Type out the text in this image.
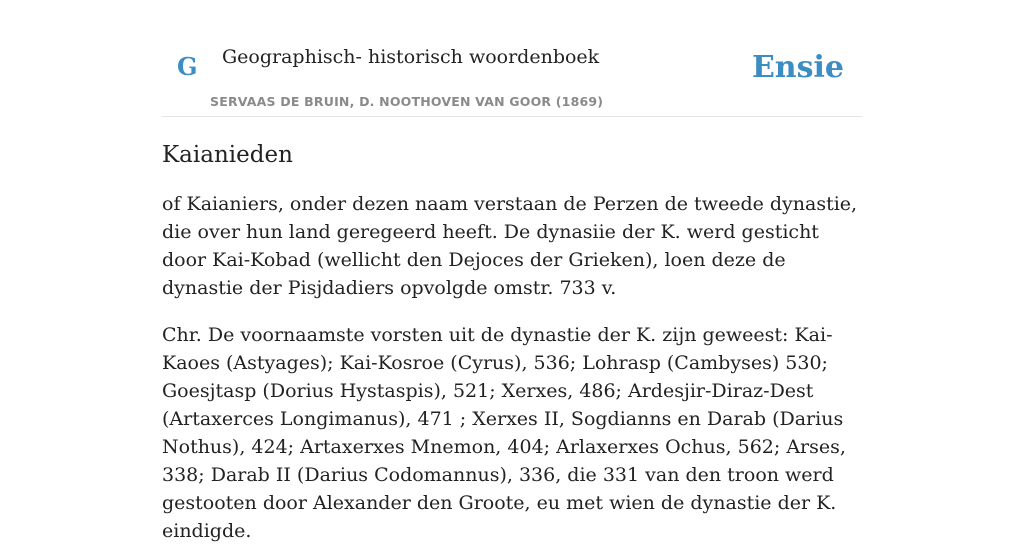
G Geographisch- historisch woordenboek
SERVAAS DE BRUIN, D. NOOTHOVEN VAN GOOR (1869)
Ensie
Kaianieden

of Kaianiers, onder dezen naam verstaan de Perzen de tweede dynastie, die over hun land geregeerd heeft. De dynasiie der K. werd gesticht door Kai-Kobad (wellicht den Dejoces der Grieken), loen deze de dynastie der Pisjdadiers opvolgde omstr. 733 v.

Chr. De voornaamste vorsten uit de dynastie der K. zijn geweest: Kai-Kaoes (Astyages); Kai-Kosroe (Cyrus), 536; Lohrasp (Cambyses) 530; Goesjtasp (Dorius Hystaspis), 521; Xerxes, 486; Ardesjir-Diraz-Dest (Artaxerces Longimanus), 471 ; Xerxes II, Sogdianns en Darab (Darius Nothus), 424; Artaxerxes Mnemon, 404; Arlaxerxes Ochus, 562; Arses, 338; Darab II (Darius Codomannus), 336, die 331 van den troon werd gestooten door Alexander den Groote, eu met wien de dynastie der K. eindigde.
